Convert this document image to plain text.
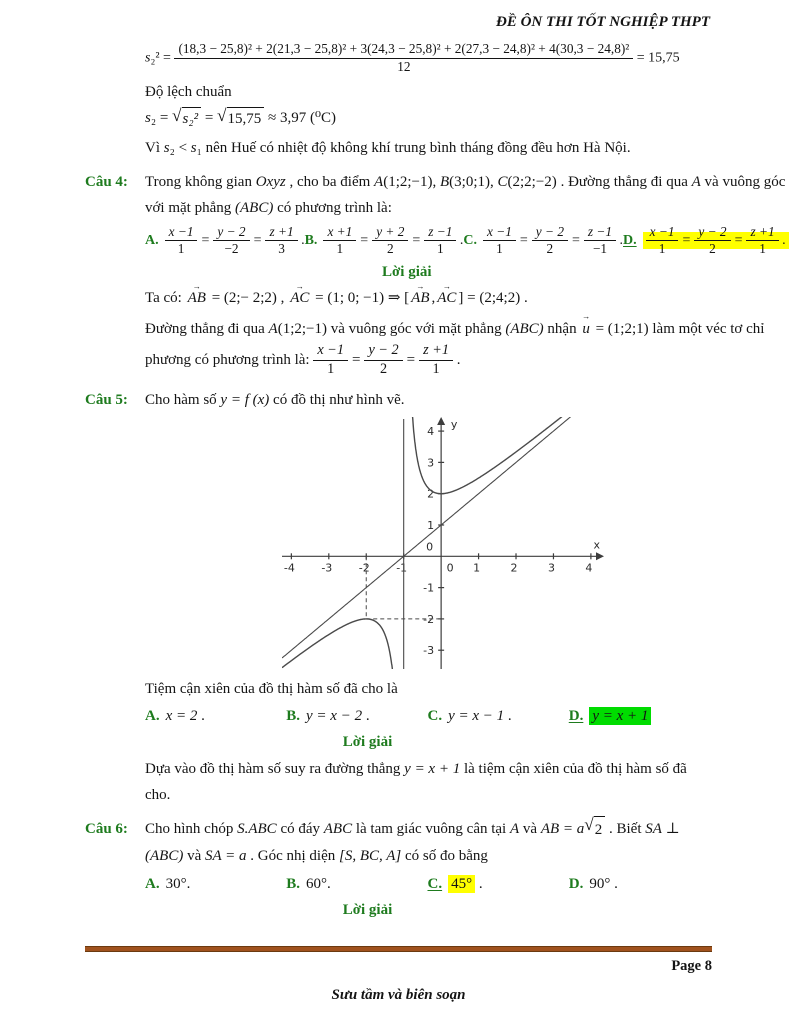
ĐỀ ÔN THI TỐT NGHIỆP THPT

s₂² =
(18,3 − 25,8)² + 2(21,3 − 25,8)² + 3(24,3 − 25,8)² + 2(27,3 − 24,8)² + 4(30,3 − 24,8)²
12
= 15,75

Độ lệch chuẩn

s₂ = √ s₂² = √ 15,75 ≈ 3,97 (⁰C)

Vì s₂ < s₁ nên Huế có nhiệt độ không khí trung bình tháng đồng đều hơn Hà Nội.

Câu 4:	Trong không gian Oxyz , cho ba điểm A(1;2;−1), B(3;0;1), C(2;2;−2) . Đường thẳng đi qua A và vuông góc với mặt phẳng (ABC) có phương trình là:

A. $\frac{x -1}{1} = \frac{y - 2}{-2} = \frac{z +1}{3}$ . B. $\frac{x +1}{1} = \frac{y + 2}{2} = \frac{z -1}{1}$ . C. $\frac{x -1}{1} = \frac{y - 2}{2} = \frac{z -1}{-1}$ . D. $\frac{x -1}{1} = \frac{y - 2}{2} = \frac{z +1}{1}$ .
Lời giải

Ta có: → AB = (2;− 2;2) , → AC = (1; 0; −1) ⇒ [ → AB , → AC ] = (2;4;2) .

Đường thẳng đi qua A(1;2;−1) và vuông góc với mặt phẳng (ABC) nhận → u = (1;2;1) làm một véc tơ chỉ phương có phương trình là: $\frac{x -1}{1} = \frac{y - 2}{2} = \frac{z +1}{1}$ .

Câu 5:	Cho hàm số y = f (x) có đồ thị như hình vẽ.

x
y
-4 -3 -2 -1	0 1	2	3	4
-3
-2
-1
0
1
2
3
4

Tiệm cận xiên của đồ thị hàm số đã cho là

A. x = 2 .	B. y = x − 2 .	C. y = x − 1 .	D. y = x + 1
Lời giải

Dựa vào đồ thị hàm số suy ra đường thẳng y = x + 1 là tiệm cận xiên của đồ thị hàm số đã cho.

Câu 6:	Cho hình chóp S.ABC có đáy ABC là tam giác vuông cân tại A và AB = a √ 2 . Biết SA ⊥ (ABC) và SA = a . Góc nhị diện [S, BC, A] có số đo bằng

A. 30°.	B. 60°.	C. 45° .	D. 90° .
Lời giải
Page 8
Sưu tầm và biên soạn
